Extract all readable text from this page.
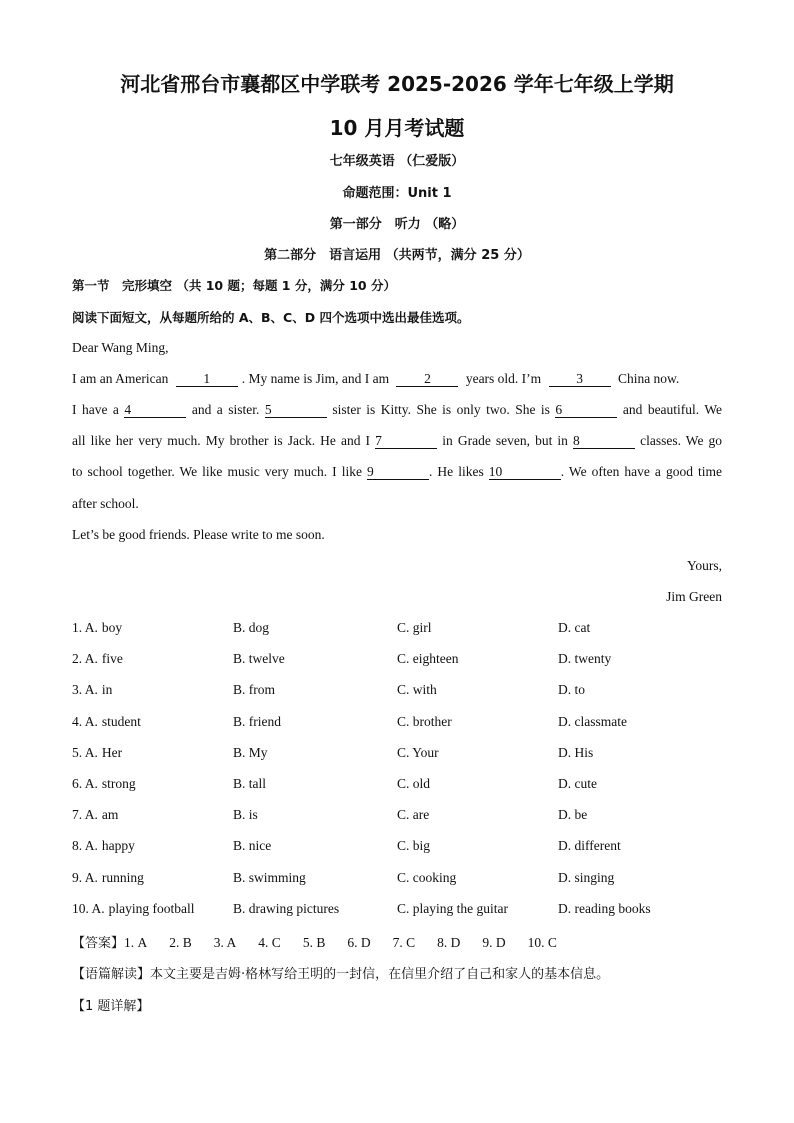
河北省邢台市襄都区中学联考 2025-2026 学年七年级上学期
10 月月考试题
七年级英语 （仁爱版）
命题范围：Unit 1
第一部分　听力 （略）
第二部分　语言运用 （共两节，满分 25 分）
第一节　完形填空 （共 10 题；每题 1 分，满分 10 分）
阅读下面短文，从每题所给的 A、B、C、D 四个选项中选出最佳选项。
Dear Wang Ming,
I am an American	1 . My name is Jim, and I am	2	years old. I’m	3	China now.
I have a 4	and a sister. 5	sister is Kitty. She is only two. She is 6	and beautiful. We
all like her very much. My brother is Jack. He and I 7	in Grade seven, but in 8	classes. We go
to school together. We like music very much. I like 9	. He likes 10	. We often have a good time
after school.
Let’s be good friends. Please write to me soon.
Yours,
Jim Green
1. A. boy	B. dog	C. girl	D. cat
2. A. five	B. twelve	C. eighteen	D. twenty
3. A. in	B. from	C. with	D. to
4. A. student	B. friend	C. brother	D. classmate
5. A. Her	B. My	C. Your	D. His
6. A. strong	B. tall	C. old	D. cute
7. A. am	B. is	C. are	D. be
8. A. happy	B. nice	C. big	D. different
9. A. running	B. swimming	C. cooking	D. singing
10. A. playing football	B. drawing pictures	C. playing the guitar	D. reading books
【答案】1. A 2. B 3. A 4. C 5. B 6. D 7. C 8. D 9. D 10. C
【语篇解读】本文主要是吉姆·格林写给王明的一封信，在信里介绍了自己和家人的基本信息。
【1 题详解】
